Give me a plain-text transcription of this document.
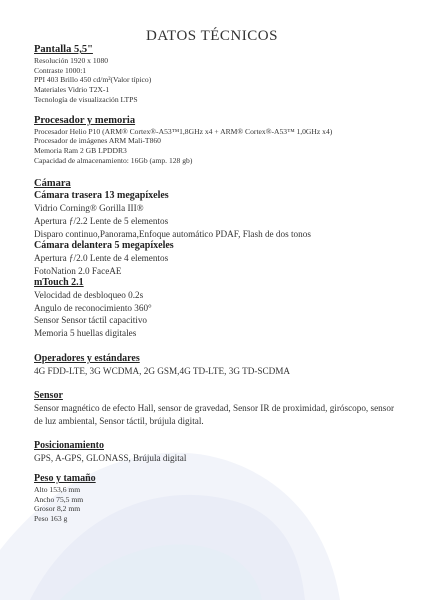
DATOS TÉCNICOS
Pantalla 5,5"
Resolución 1920 x 1080
Contraste 1000:1
PPI 403 Brillo 450 cd/m²(Valor típico)
Materiales Vidrio T2X-1
Tecnología de visualización LTPS
Procesador y memoria
Procesador Helio P10 (ARM® Cortex®-A53™1,8GHz x4 + ARM® Cortex®-A53™ 1,0GHz x4)
Procesador de imágenes ARM Mali-T860
Memoria Ram 2 GB LPDDR3
Capacidad de almacenamiento: 16Gb (amp. 128 gb)
Cámara
Cámara trasera 13 megapíxeles
Vidrio Corning® Gorilla III®
Apertura ƒ/2.2 Lente de 5 elementos
Disparo continuo,Panorama,Enfoque automático PDAF, Flash de dos tonos
Cámara delantera 5 megapíxeles
Apertura ƒ/2.0 Lente de 4 elementos
FotoNation 2.0 FaceAE
mTouch 2.1
Velocidad de desbloqueo 0.2s
Angulo de reconocimiento 360°
Sensor Sensor táctil capacitivo
Memoria 5 huellas digitales
Operadores y estándares
4G FDD-LTE, 3G WCDMA, 2G GSM,4G TD-LTE, 3G TD-SCDMA
Sensor
Sensor magnético de efecto Hall, sensor de gravedad, Sensor IR de proximidad, giróscopo, sensor de luz ambiental, Sensor táctil, brújula digital.
Posicionamiento
GPS, A-GPS, GLONASS, Brújula digital
Peso y tamaño
Alto 153,6 mm
Ancho 75,5 mm
Grosor 8,2 mm
Peso 163 g
